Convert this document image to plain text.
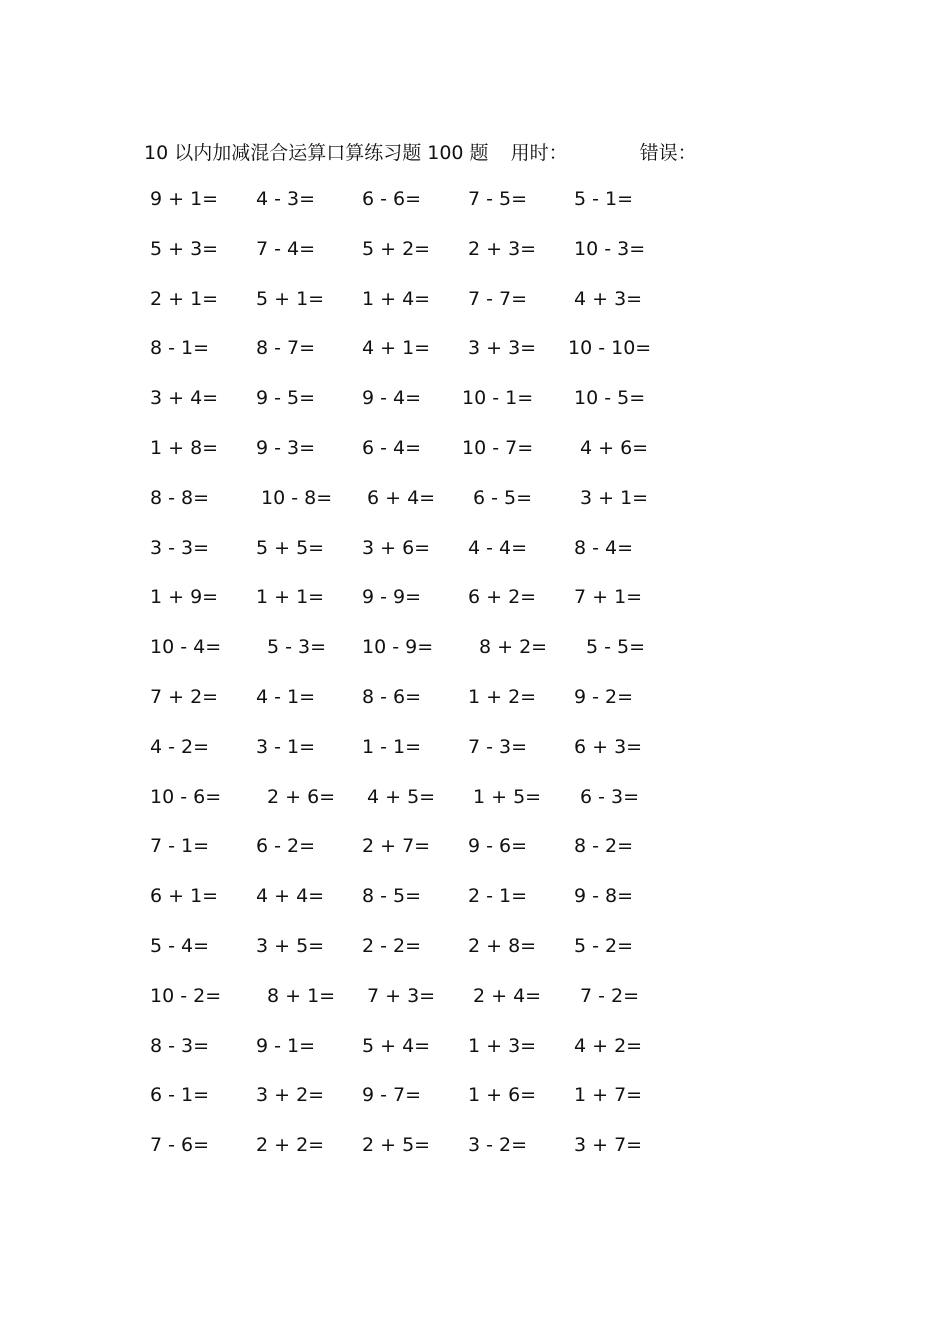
10 以内加减混合运算口算练习题 100 题 用时：	错误：
9 + 1=	4 - 3=	6 - 6=	7 - 5=	5 - 1=
5 + 3=	7 - 4=	5 + 2=	2 + 3=	10 - 3=
2 + 1=	5 + 1=	1 + 4=	7 - 7=	4 + 3=
8 - 1=	8 - 7=	4 + 1=	3 + 3=	10 - 10=
3 + 4=	9 - 5=	9 - 4=	10 - 1=	10 - 5=
1 + 8=	9 - 3=	6 - 4=	10 - 7=	4 + 6=
8 - 8=	10 - 8=	6 + 4=	6 - 5=	3 + 1=
3 - 3=	5 + 5=	3 + 6=	4 - 4=	8 - 4=
1 + 9=	1 + 1=	9 - 9=	6 + 2=	7 + 1=
10 - 4=	5 - 3=	10 - 9=	8 + 2=	5 - 5=
7 + 2=	4 - 1=	8 - 6=	1 + 2=	9 - 2=
4 - 2=	3 - 1=	1 - 1=	7 - 3=	6 + 3=
10 - 6=	2 + 6=	4 + 5=	1 + 5=	6 - 3=
7 - 1=	6 - 2=	2 + 7=	9 - 6=	8 - 2=
6 + 1=	4 + 4=	8 - 5=	2 - 1=	9 - 8=
5 - 4=	3 + 5=	2 - 2=	2 + 8=	5 - 2=
10 - 2=	8 + 1=	7 + 3=	2 + 4=	7 - 2=
8 - 3=	9 - 1=	5 + 4=	1 + 3=	4 + 2=
6 - 1=	3 + 2=	9 - 7=	1 + 6=	1 + 7=
7 - 6=	2 + 2=	2 + 5=	3 - 2=	3 + 7=
